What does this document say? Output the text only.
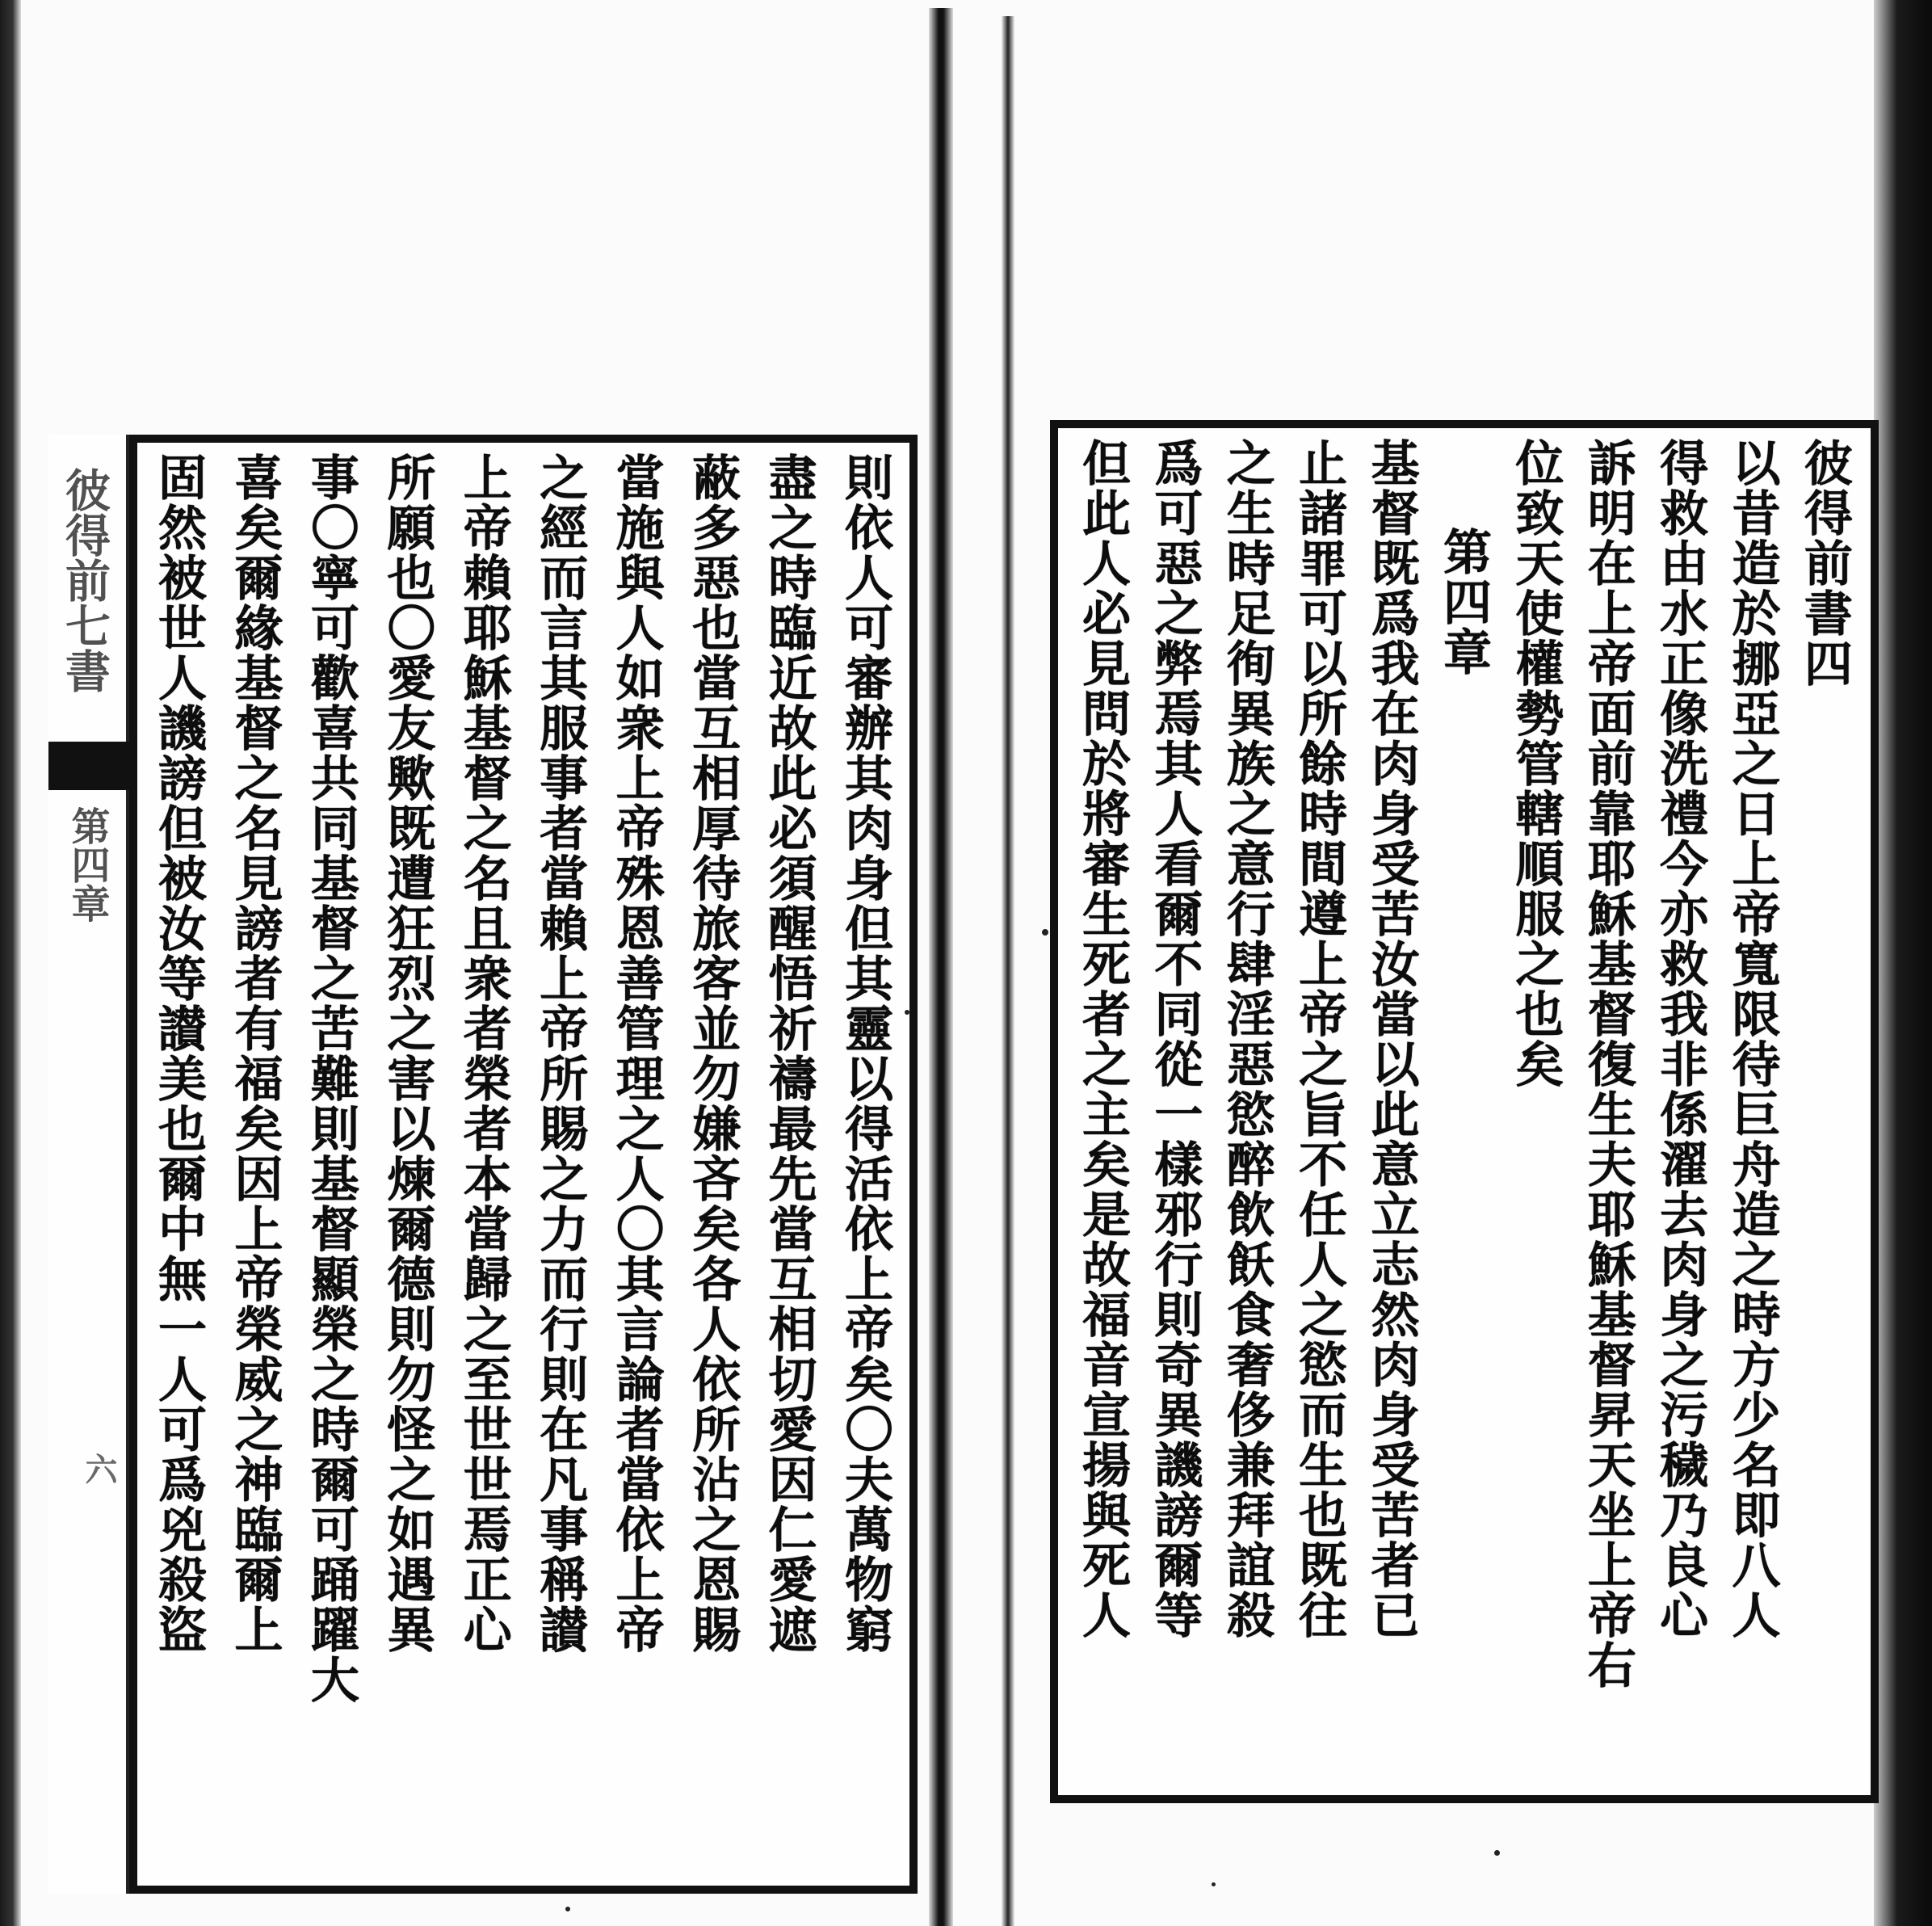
彼得前七書
第四章
六	則依人可審辦其肉身但其靈以得活依上帝矣〇夫萬物窮
盡之時臨近故此必須醒悟祈禱最先當互相切愛因仁愛遮
蔽多惡也當互相厚待旅客並勿嫌吝矣各人依所沾之恩賜
當施與人如衆上帝殊恩善管理之人〇其言論者當依上帝
之經而言其服事者當賴上帝所賜之力而行則在凡事稱讃
上帝賴耶穌基督之名且衆者榮者本當歸之至世世焉正心
所願也〇愛友歟既遭狂烈之害以煉爾德則勿怪之如遇異
事〇寧可歡喜共同基督之苦難則基督顯榮之時爾可踊躍大
喜矣爾緣基督之名見謗者有福矣因上帝榮威之神臨爾上
固然被世人譏謗但被汝等讃美也爾中無一人可爲兇殺盜	彼得前書四
以昔造於挪亞之日上帝寬限待巨舟造之時方少名即八人
得救由水正像洗禮今亦救我非係濯去肉身之污穢乃良心
訴明在上帝面前靠耶穌基督復生夫耶穌基督昇天坐上帝右
位致天使權勢管轄順服之也矣
第四章
基督既爲我在肉身受苦汝當以此意立志然肉身受苦者已
止諸罪可以所餘時間遵上帝之旨不任人之慾而生也既往
之生時足徇異族之意行肆淫惡慾醉飲飫食奢侈兼拜誼殺
爲可惡之弊焉其人看爾不同從一樣邪行則奇異譏謗爾等
但此人必見問於將審生死者之主矣是故福音宣揚與死人
